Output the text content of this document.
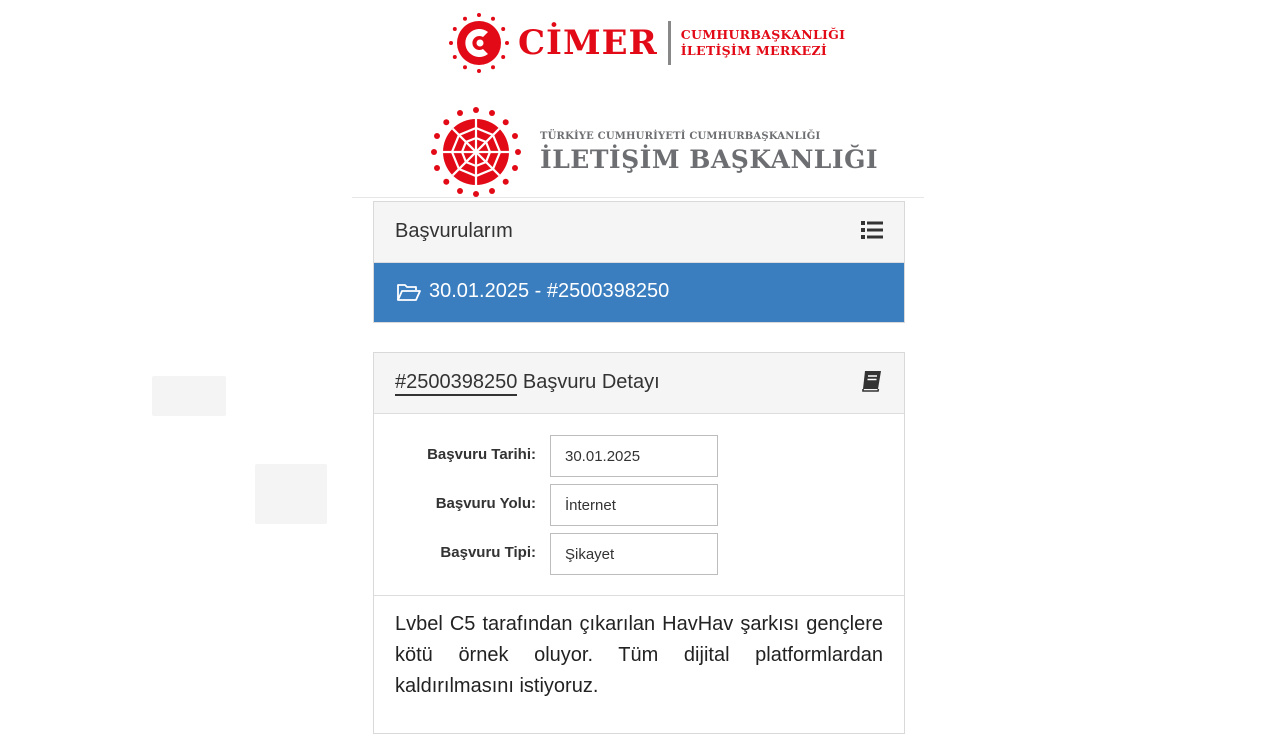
CİMER CUMHURBAŞKANLIĞI
İLETİŞİM MERKEZİ
TÜRKİYE CUMHURİYETİ CUMHURBAŞKANLIĞI
İLETİŞİM BAŞKANLIĞI
Başvurularım
30.01.2025 - #2500398250
#2500398250 Başvuru Detayı
Başvuru Tarihi:
30.01.2025
Başvuru Yolu:
İnternet
Başvuru Tipi:
Şikayet
Lvbel C5 tarafından çıkarılan HavHav şarkısı gençlere kötü örnek oluyor. Tüm dijital platformlardan kaldırılmasını istiyoruz.
